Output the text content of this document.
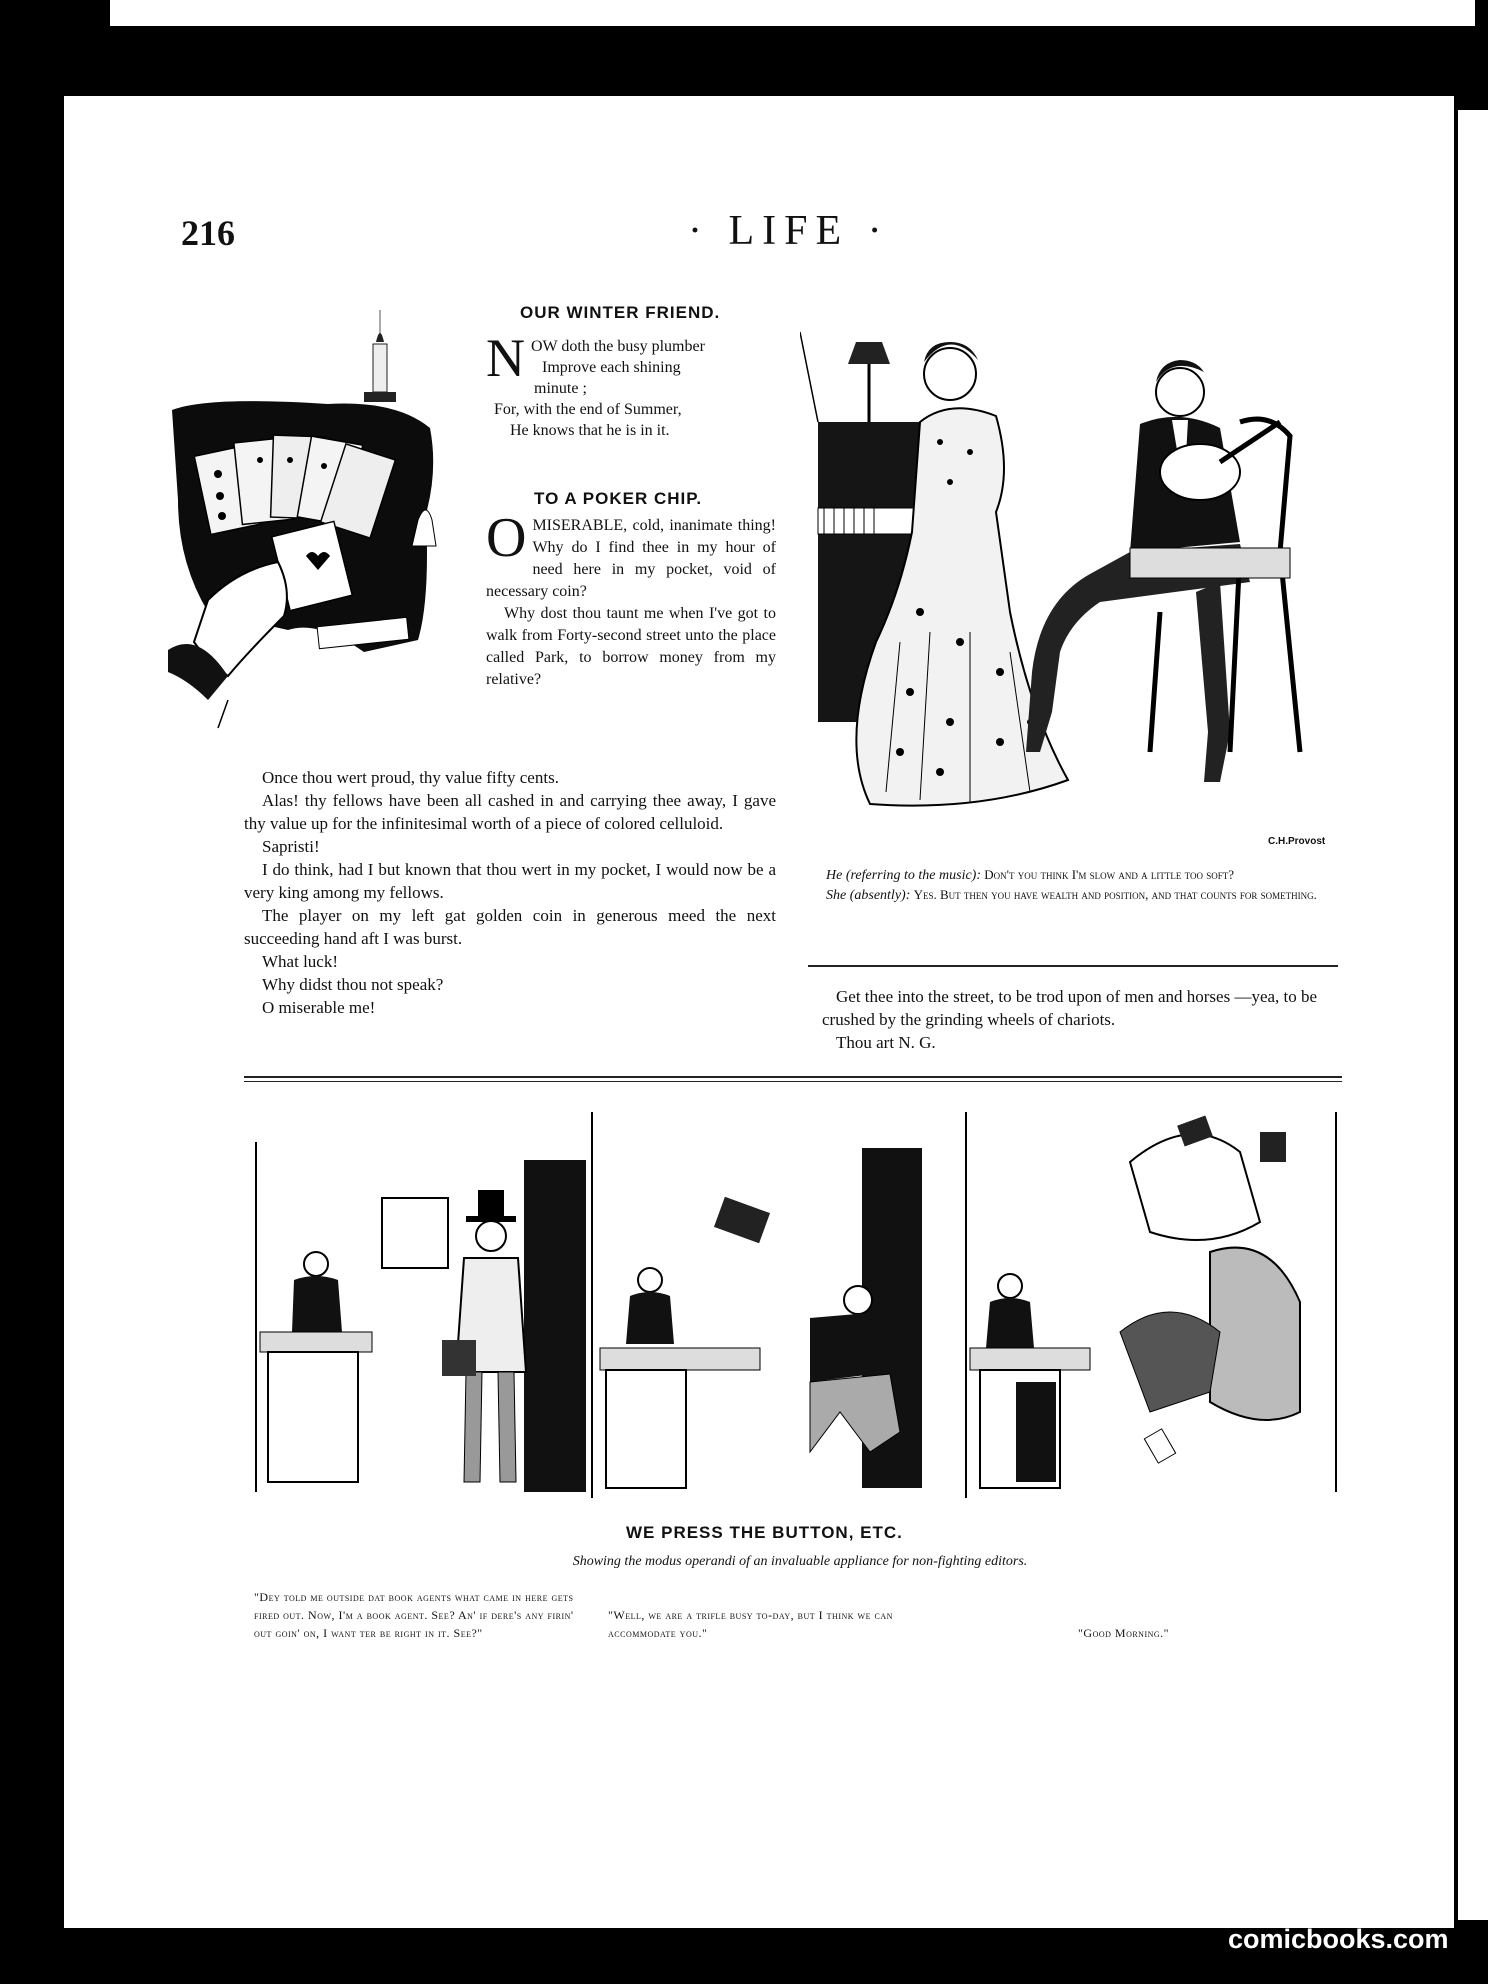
216	· LIFE ·
OUR WINTER FRIEND.
N OW doth the busy plumber
Improve each shining
minute ;
For, with the end of Summer,
He knows that he is in it.
TO A POKER CHIP.
O MISERABLE, cold, inanimate thing! Why do I find thee in my hour of need here in my pocket, void of necessary coin?
Why dost thou taunt me when I've got to walk from Forty-second street unto the place called Park, to borrow money from my relative?

Once thou wert proud, thy value fifty cents.

Alas! thy fellows have been all cashed in and carrying thee away, I gave thy value up for the infinitesimal worth of a piece of colored celluloid.

Sapristi!

I do think, had I but known that thou wert in my pocket, I would now be a very king among my fellows.

The player on my left gat golden coin in generous meed the next succeeding hand aft I was burst.

What luck!

Why didst thou not speak?

O miserable me!

C.H.Provost
He (referring to the music): Don't you think I'm slow and a little too soft?
She (absently): Yes. But then you have wealth and position, and that counts for something.

Get thee into the street, to be trod upon of men and horses —yea, to be crushed by the grinding wheels of chariots.

Thou art N. G.

WE PRESS THE BUTTON, ETC.
Showing the modus operandi of an invaluable appliance for non-fighting editors.
"Dey told me outside dat book agents what came in here gets fired out. Now, I'm a book agent. See? An' if dere's any firin' out goin' on, I want ter be right in it. See?"
"Well, we are a trifle busy to-day, but I think we can accommodate you."	"Good Morning."
comicbooks.com
